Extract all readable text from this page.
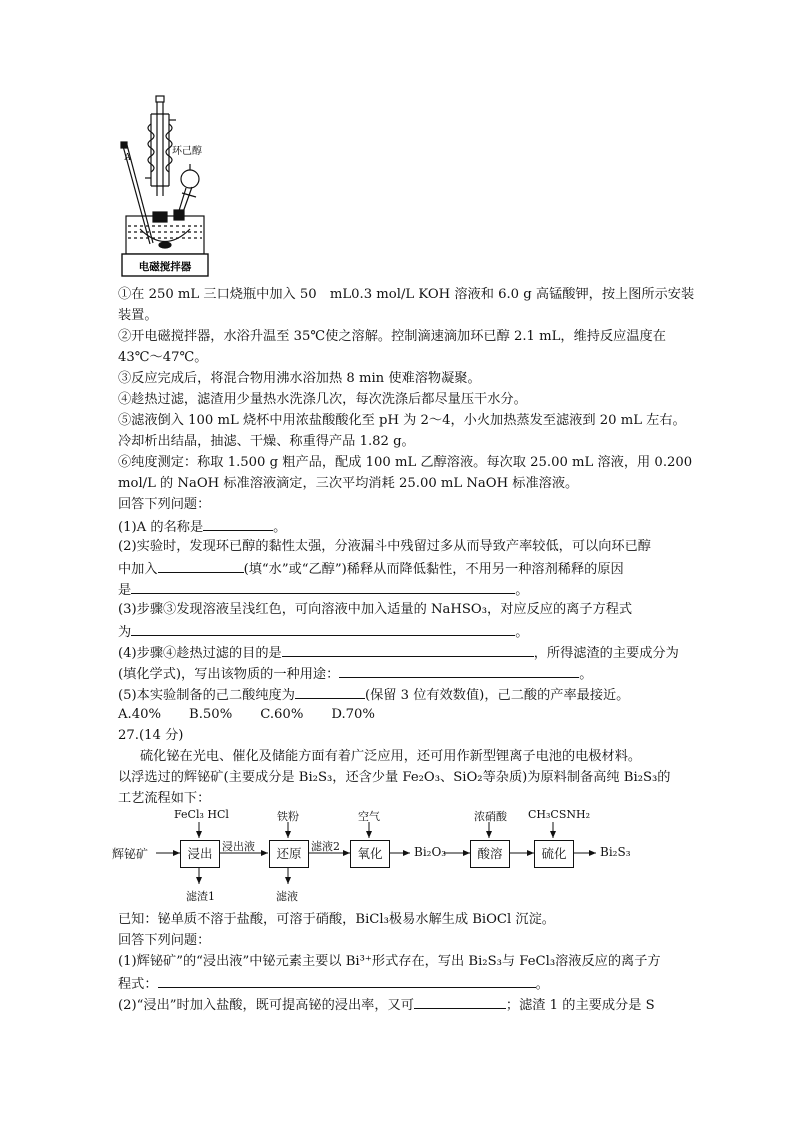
A
环己醇
电磁搅拌器
①在 250 mL 三口烧瓶中加入 50　mL0.3 mol/L KOH 溶液和 6.0 g 高锰酸钾，按上图所示安装
装置。
②开电磁搅拌器，水浴升温至 35℃使之溶解。控制滴速滴加环已醇 2.1 mL，维持反应温度在
43℃～47℃。
③反应完成后，将混合物用沸水浴加热 8 min 使难溶物凝聚。
④趁热过滤，滤渣用少量热水洗涤几次，每次洗涤后都尽量压干水分。
⑤滤液倒入 100 mL 烧杯中用浓盐酸酸化至 pH 为 2～4，小火加热蒸发至滤液到 20 mL 左右。
冷却析出结晶，抽滤、干燥、称重得产品 1.82 g。
⑥纯度测定：称取 1.500 g 粗产品，配成 100 mL 乙醇溶液。每次取 25.00 mL 溶液，用 0.200
mol/L 的 NaOH 标准溶液滴定，三次平均消耗 25.00 mL NaOH 标准溶液。
回答下列问题：
(1)A 的名称是	。
(2)实验时，发现环已醇的黏性太强，分液漏斗中残留过多从而导致产率较低，可以向环已醇
中加入	(填“水”或“乙醇”)稀释从而降低黏性，不用另一种溶剂稀释的原因
是	。
(3)步骤③发现溶液呈浅红色，可向溶液中加入适量的 NaHSO₃，对应反应的离子方程式
为	。
(4)步骤④趁热过滤的目的是	，所得滤渣的主要成分为
(填化学式)，写出该物质的一种用途：	。
(5)本实验制备的己二酸纯度为	(保留 3 位有效数值)，己二酸的产率最接近。
A.40% B.50% C.60% D.70%
27.(14 分)
硫化铋在光电、催化及储能方面有着广泛应用，还可用作新型锂离子电池的电极材料。
以浮选过的辉铋矿(主要成分是 Bi₂S₃，还含少量 Fe₂O₃、SiO₂等杂质)为原料制备高纯 Bi₂S₃的
工艺流程如下：
辉铋矿	浸出	还原	氧化	酸溶	硫化
FeCl₃ HCl	铁粉	空气	浓硝酸 CH₃CSNH₂
浸出液	滤液2	Bi₂O₃	Bi₂S₃
滤渣1	滤液
已知：铋单质不溶于盐酸，可溶于硝酸，BiCl₃极易水解生成 BiOCl 沉淀。
回答下列问题：
(1)辉铋矿”的“浸出液”中铋元素主要以 Bi³⁺形式存在，写出 Bi₂S₃与 FeCl₃溶液反应的离子方
程式：	。
(2)“浸出”时加入盐酸，既可提高铋的浸出率，又可	；滤渣 1 的主要成分是 S
